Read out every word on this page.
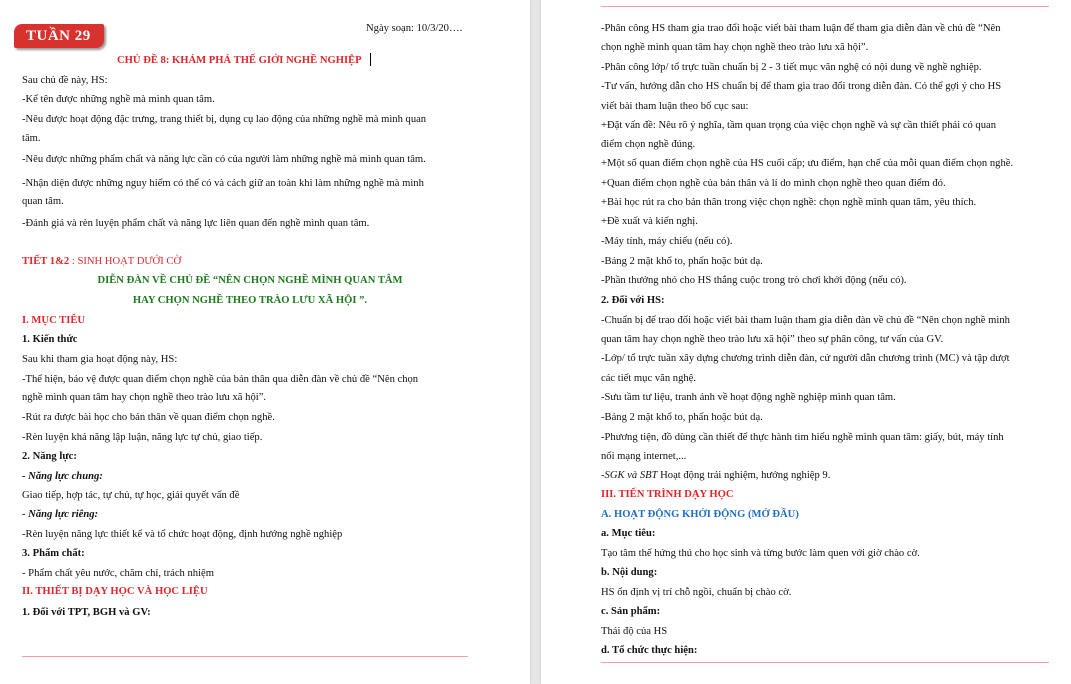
TUẦN 29	Ngày soạn: 10/3/20….
CHỦ ĐỀ 8: KHÁM PHÁ THẾ GIỚI NGHỀ NGHIỆP
Sau chủ đề này, HS:
-Kể tên được những nghề mà mình quan tâm.
-Nêu được hoạt động đặc trưng, trang thiết bị, dụng cụ lao động của những nghề mà mình quan
tâm.
-Nêu được những phẩm chất và năng lực cần có của người làm những nghề mà mình quan tâm.
-Nhận diện được những nguy hiểm có thể có và cách giữ an toàn khi làm những nghề mà mình
quan tâm.
-Đánh giá và rèn luyện phẩm chất và năng lực liên quan đến nghề mình quan tâm.
TIẾT 1&2 : SINH HOẠT DƯỚI CỜ
DIỄN ĐÀN VỀ CHỦ ĐỀ “NÊN CHỌN NGHỀ MÌNH QUAN TÂM
HAY CHỌN NGHỀ THEO TRÀO LƯU XÃ HỘI ”.
I. MỤC TIÊU
1. Kiến thức
Sau khi tham gia hoạt động này, HS:
-Thể hiện, bảo vệ được quan điểm chọn nghề của bản thân qua diễn đàn về chủ đề “Nên chọn
nghề mình quan tâm hay chọn nghề theo trào lưu xã hội”.
-Rút ra được bài học cho bản thân về quan điểm chọn nghề.
-Rèn luyện khả năng lập luận, năng lực tự chủ, giao tiếp.
2. Năng lực:
- Năng lực chung:
Giao tiếp, hợp tác, tự chủ, tự học, giải quyết vấn đề
- Năng lực riêng:
-Rèn luyện năng lực thiết kế và tổ chức hoạt động, định hướng nghề nghiệp
3. Phẩm chất:
- Phẩm chất yêu nước, chăm chỉ, trách nhiệm
II. THIẾT BỊ DẠY HỌC VÀ HỌC LIỆU
1. Đối với TPT, BGH và GV:
-Phân công HS tham gia trao đổi hoặc viết bài tham luận để tham gia diễn đàn về chủ đề “Nên
chọn nghề mình quan tâm hay chọn nghề theo trào lưu xã hội”.
-Phân công lớp/ tổ trực tuần chuẩn bị 2 - 3 tiết mục văn nghệ có nội dung về nghề nghiệp.
-Tư vấn, hướng dẫn cho HS chuẩn bị để tham gia trao đổi trong diễn đàn. Có thể gợi ý cho HS
viết bài tham luận theo bố cục sau:
+Đặt vấn đề: Nêu rõ ý nghĩa, tầm quan trọng của việc chọn nghề và sự cần thiết phải có quan
điểm chọn nghề đúng.
+Một số quan điểm chọn nghề của HS cuối cấp; ưu điểm, hạn chế của mỗi quan điểm chọn nghề.
+Quan điểm chọn nghề của bản thân và lí do mình chọn nghề theo quan điểm đó.
+Bài học rút ra cho bản thân trong việc chọn nghề: chọn nghề mình quan tâm, yêu thích.
+Đề xuất và kiến nghị.
-Máy tính, máy chiếu (nếu có).
-Bảng 2 mặt khổ to, phấn hoặc bút dạ.
-Phần thưởng nhỏ cho HS thắng cuộc trong trò chơi khởi động (nếu có).
2. Đối với HS:
-Chuẩn bị để trao đổi hoặc viết bài tham luận tham gia diễn đàn về chủ đề “Nên chọn nghề mình
quan tâm hay chọn nghề theo trào lưu xã hội” theo sự phân công, tư vấn của GV.
-Lớp/ tổ trực tuần xây dựng chương trình diễn đàn, cử người dẫn chương trình (MC) và tập dượt
các tiết mục văn nghệ.
-Sưu tầm tư liệu, tranh ảnh về hoạt động nghề nghiệp mình quan tâm.
-Bảng 2 mặt khổ to, phấn hoặc bút dạ.
-Phương tiện, đồ dùng cần thiết để thực hành tìm hiểu nghề mình quan tâm: giấy, bút, máy tính
nối mạng internet,...
-SGK và SBT Hoạt động trải nghiệm, hướng nghiệp 9.
III. TIẾN TRÌNH DẠY HỌC
A. HOẠT ĐỘNG KHỞI ĐỘNG (MỞ ĐẦU)
a. Mục tiêu:
Tạo tâm thế hứng thú cho học sinh và từng bước làm quen với giờ chào cờ.
b. Nội dung:
HS ổn định vị trí chỗ ngồi, chuẩn bị chào cờ.
c. Sản phẩm:
Thái độ của HS
d. Tổ chức thực hiện:
